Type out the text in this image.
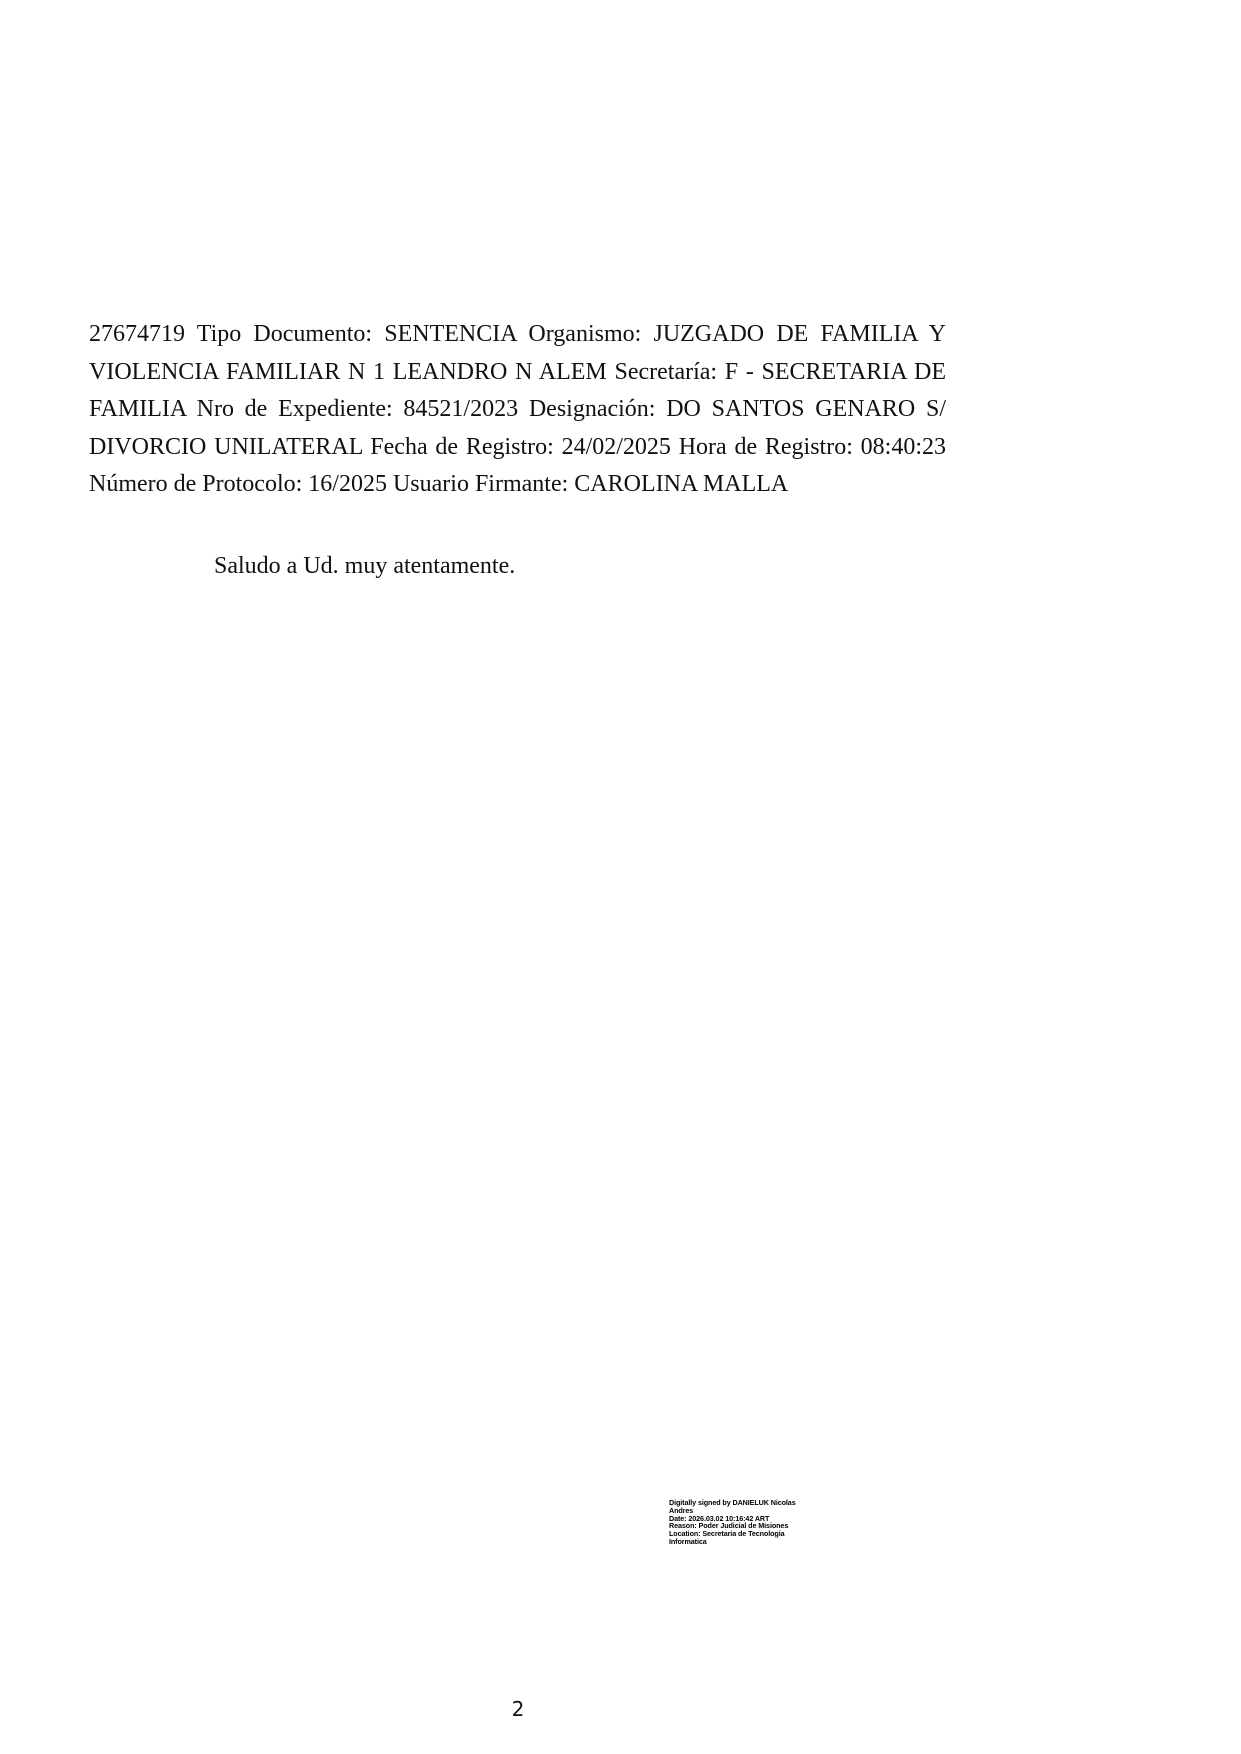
27674719 Tipo Documento: SENTENCIA Organismo: JUZGADO DE FAMILIA Y VIOLENCIA FAMILIAR N 1 LEANDRO N ALEM Secretaría: F - SECRETARIA DE FAMILIA Nro de Expediente: 84521/2023 Designación: DO SANTOS GENARO S/ DIVORCIO UNILATERAL Fecha de Registro: 24/02/2025 Hora de Registro: 08:40:23 Número de Protocolo: 16/2025 Usuario Firmante: CAROLINA MALLA

Saludo a Ud. muy atentamente.
Digitally signed by DANIELUK Nicolas Andres
Date: 2026.03.02 10:16:42 ART
Reason: Poder Judicial de Misiones
Location: Secretaria de Tecnologia Informatica
2
